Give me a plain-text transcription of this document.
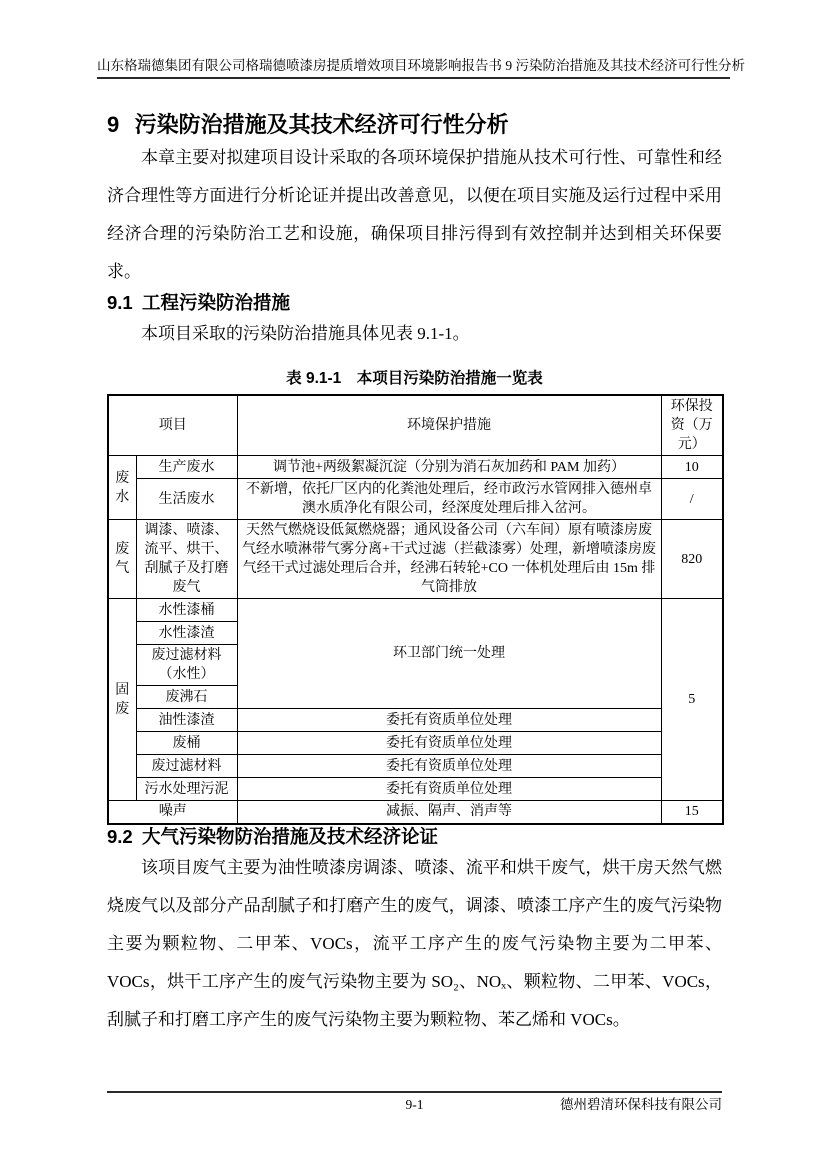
山东格瑞德集团有限公司格瑞德喷漆房提质增效项目环境影响报告书 9 污染防治措施及其技术经济可行性分析
9 污染防治措施及其技术经济可行性分析

本章主要对拟建项目设计采取的各项环境保护措施从技术可行性、可靠性和经济合理性等方面进行分析论证并提出改善意见，以便在项目实施及运行过程中采用经济合理的污染防治工艺和设施，确保项目排污得到有效控制并达到相关环保要求。

9.1 工程污染防治措施

本项目采取的污染防治措施具体见表 9.1-1。

表 9.1-1　本项目污染防治措施一览表
项目		环境保护措施	环保投资（万元）
废水	生产废水	调节池+两级絮凝沉淀（分别为消石灰加药和 PAM 加药）	10
	生活废水	不新增，依托厂区内的化粪池处理后，经市政污水管网排入德州卓澳水质净化有限公司，经深度处理后排入岔河。	/
废气	调漆、喷漆、流平、烘干、刮腻子及打磨废气	天然气燃烧设低氮燃烧器；通风设备公司（六车间）原有喷漆房废气经水喷淋带气雾分离+干式过滤（拦截漆雾）处理，新增喷漆房废气经干式过滤处理后合并，经沸石转轮+CO 一体机处理后由 15m 排气筒排放	820
固废	水性漆桶	环卫部门统一处理	5
	水性漆渣		
	废过滤材料（水性）		
	废沸石		
	油性漆渣	委托有资质单位处理	
	废桶	委托有资质单位处理	
	废过滤材料	委托有资质单位处理	
	污水处理污泥	委托有资质单位处理	
噪声		减振、隔声、消声等	15
9.2 大气污染物防治措施及技术经济论证

该项目废气主要为油性喷漆房调漆、喷漆、流平和烘干废气，烘干房天然气燃烧废气以及部分产品刮腻子和打磨产生的废气，调漆、喷漆工序产生的废气污染物主要为颗粒物、二甲苯、VOCs，流平工序产生的废气污染物主要为二甲苯、VOCs，烘干工序产生的废气污染物主要为 SO₂、NOₓ、颗粒物、二甲苯、VOCs，刮腻子和打磨工序产生的废气污染物主要为颗粒物、苯乙烯和 VOCs。

9-1	德州碧清环保科技有限公司
